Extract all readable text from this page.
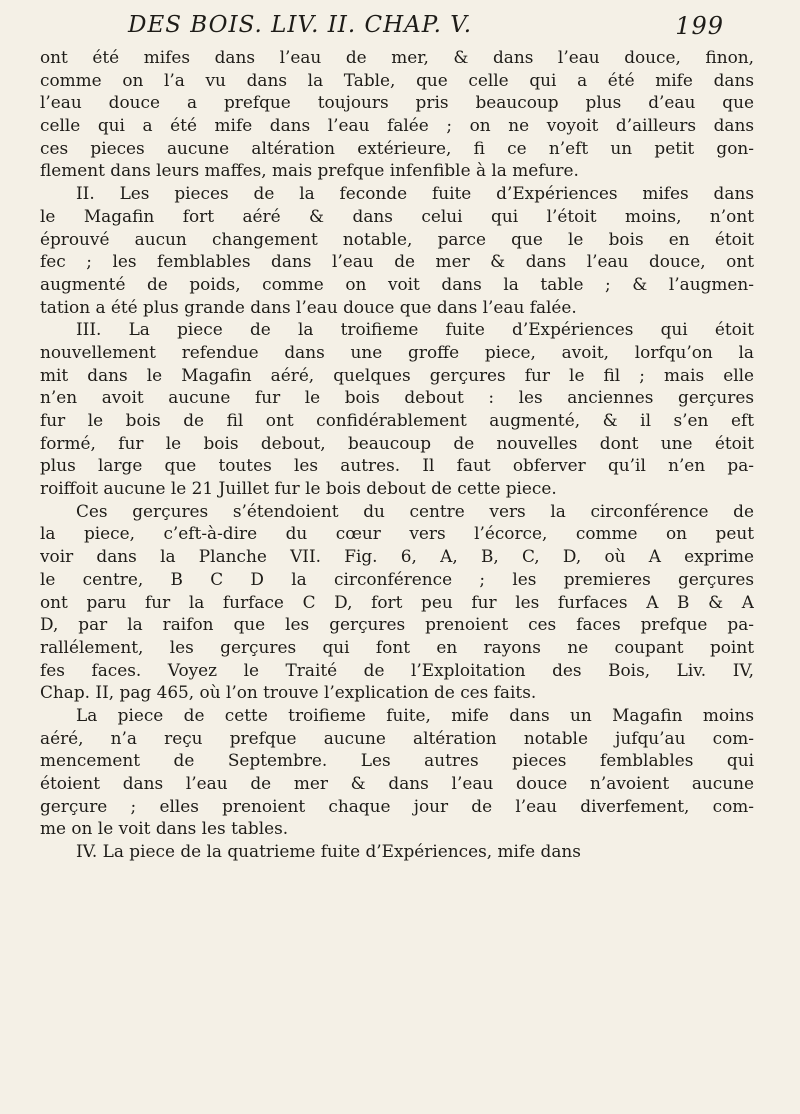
DES BOIS. LIV. II. CHAP. V.	199
ont été mifes dans l’eau de mer, & dans l’eau douce, finon,
comme on l’a vu dans la Table, que celle qui a été mife dans
l’eau douce a prefque toujours pris beaucoup plus d’eau que
celle qui a été mife dans l’eau falée ; on ne voyoit d’ailleurs dans
ces pieces aucune altération extérieure, fi ce n’eft un petit gon-
flement dans leurs maffes, mais prefque infenfible à la mefure.
II. Les pieces de la feconde fuite d’Expériences mifes dans
le Magafin fort aéré & dans celui qui l’étoit moins, n’ont
éprouvé aucun changement notable, parce que le bois en étoit
fec ; les femblables dans l’eau de mer & dans l’eau douce, ont
augmenté de poids, comme on voit dans la table ; & l’augmen-
tation a été plus grande dans l’eau douce que dans l’eau falée.
III. La piece de la troifieme fuite d’Expériences qui étoit
nouvellement refendue dans une groffe piece, avoit, lorfqu’on la
mit dans le Magafin aéré, quelques gerçures fur le fil ; mais elle
n’en avoit aucune fur le bois debout : les anciennes gerçures
fur le bois de fil ont confidérablement augmenté, & il s’en eft
formé, fur le bois debout, beaucoup de nouvelles dont une étoit
plus large que toutes les autres. Il faut obferver qu’il n’en pa-
roiffoit aucune le 21 Juillet fur le bois debout de cette piece.
Ces gerçures s’étendoient du centre vers la circonférence de
la piece, c’eft-à-dire du cœur vers l’écorce, comme on peut
voir dans la Planche VII. Fig. 6, A, B, C, D, où A exprime
le centre, B C D la circonférence ; les premieres gerçures
ont paru fur la furface C D, fort peu fur les furfaces A B & A
D, par la raifon que les gerçures prenoient ces faces prefque pa-
rallélement, les gerçures qui font en rayons ne coupant point
fes faces. Voyez le Traité de l’Exploitation des Bois, Liv. IV,
Chap. II, pag 465, où l’on trouve l’explication de ces faits.
La piece de cette troifieme fuite, mife dans un Magafin moins
aéré, n’a reçu prefque aucune altération notable jufqu’au com-
mencement de Septembre. Les autres pieces femblables qui
étoient dans l’eau de mer & dans l’eau douce n’avoient aucune
gerçure ; elles prenoient chaque jour de l’eau diverfement, com-
me on le voit dans les tables.
IV. La piece de la quatrieme fuite d’Expériences, mife dans
